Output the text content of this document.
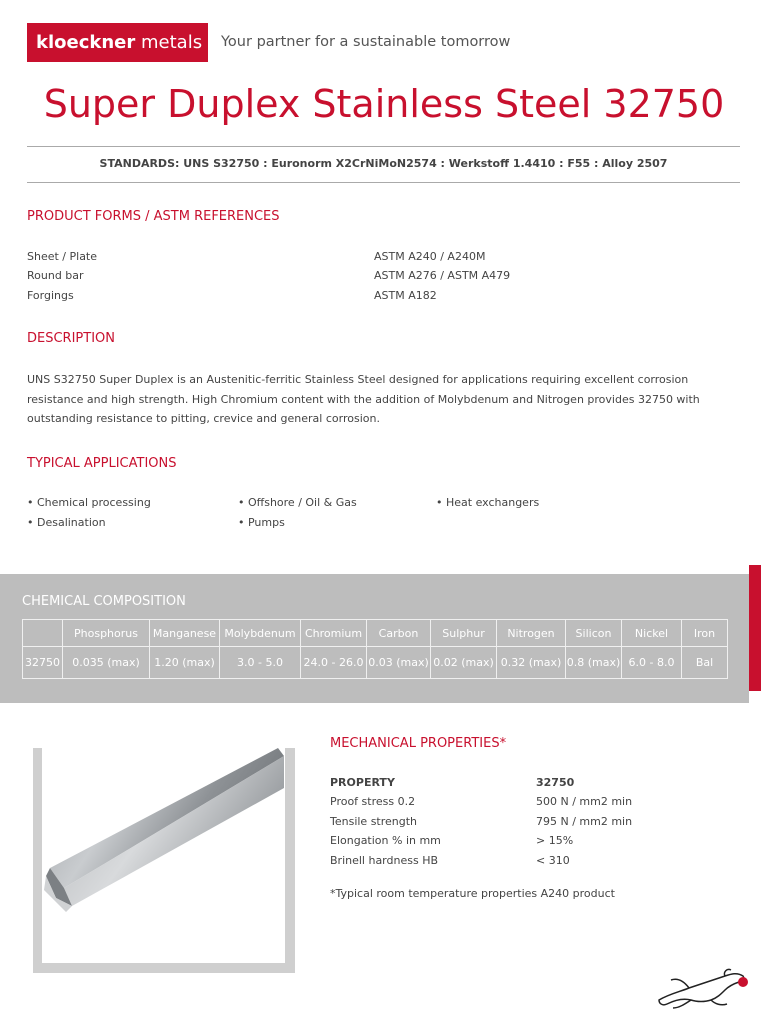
kloeckner metals	Your partner for a sustainable tomorrow
Super Duplex Stainless Steel 32750
STANDARDS: UNS S32750 : Euronorm X2CrNiMoN2574 : Werkstoff 1.4410 : F55 : Alloy 2507
PRODUCT FORMS / ASTM REFERENCES
Sheet / Plate	ASTM A240 / A240M
Round bar	ASTM A276 / ASTM A479
Forgings	ASTM A182
DESCRIPTION

UNS S32750 Super Duplex is an Austenitic-ferritic Stainless Steel designed for applications requiring excellent corrosion resistance and high strength. High Chromium content with the addition of Molybdenum and Nitrogen provides 32750 with outstanding resistance to pitting, crevice and general corrosion.

TYPICAL APPLICATIONS
• Chemical processing	• Offshore / Oil & Gas	• Heat exchangers
• Desalination	• Pumps
CHEMICAL COMPOSITION
	Phosphorus	Manganese	Molybdenum	Chromium	Carbon	Sulphur	Nitrogen	Silicon	Nickel	Iron
32750	0.035 (max)	1.20 (max)	3.0 - 5.0	24.0 - 26.0	0.03 (max)	0.02 (max)	0.32 (max)	0.8 (max)	6.0 - 8.0	Bal
MECHANICAL PROPERTIES*
PROPERTY	32750
Proof stress 0.2	500 N / mm2 min
Tensile strength	795 N / mm2 min
Elongation % in mm	> 15%
Brinell hardness HB	< 310
*Typical room temperature properties A240 product
